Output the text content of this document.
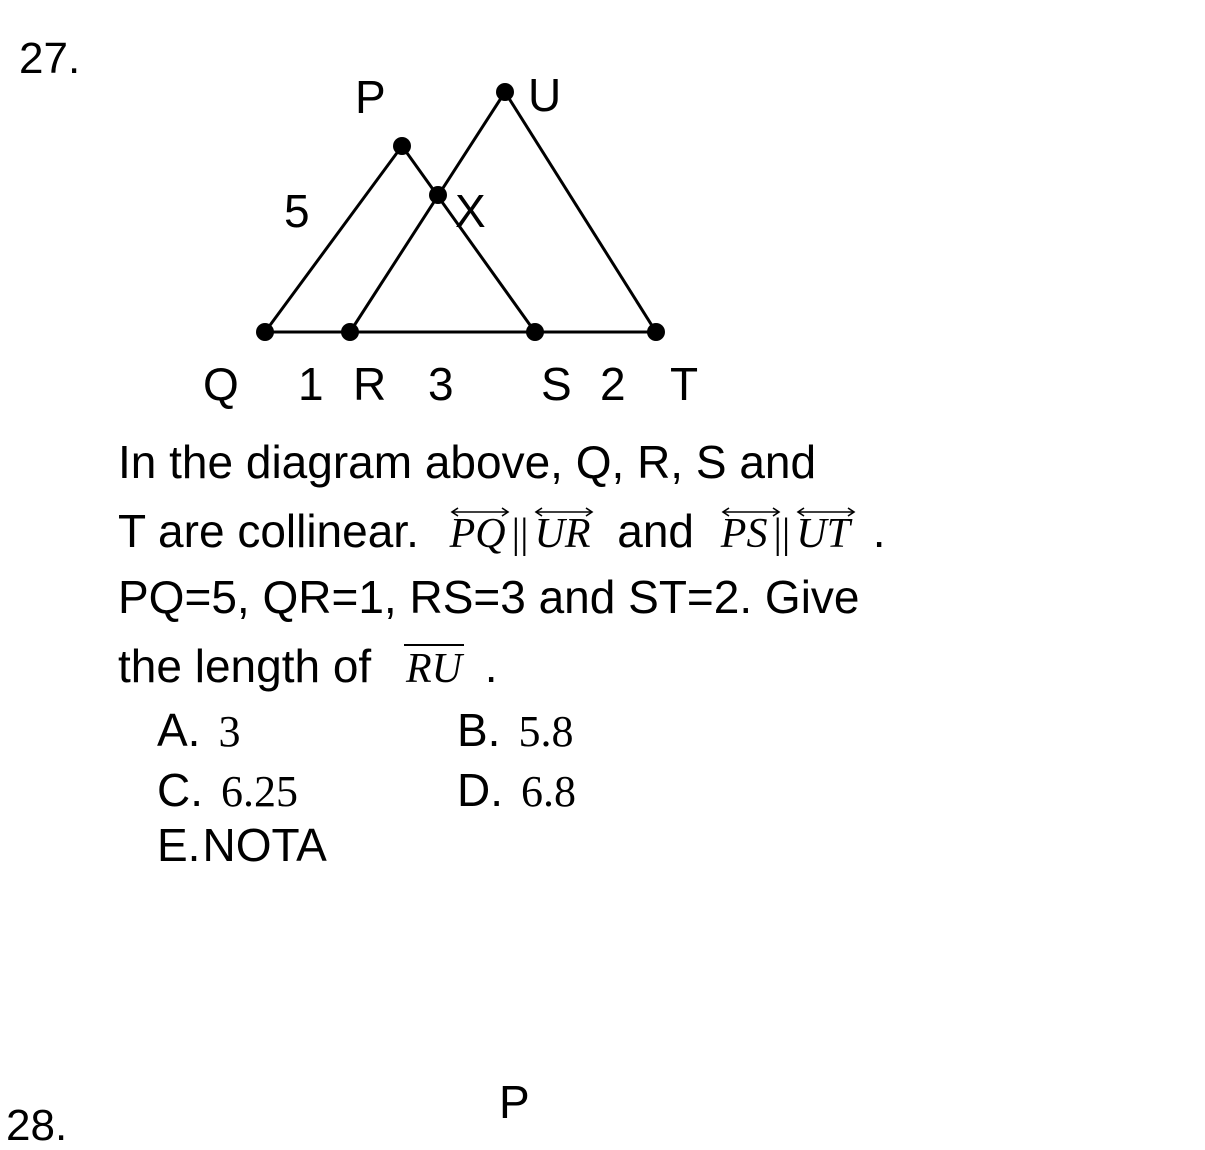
27.
P	U
X
Q R	S T
5
1 3	2
In the diagram above, Q, R, S and
T are collinear. PQ || UR and PS || UT .
PQ=5, QR=1, RS=3 and ST=2. Give
the length of RU .
A. 3	B. 5.8
C. 6.25	D. 6.8
E.NOTA
28.	P
